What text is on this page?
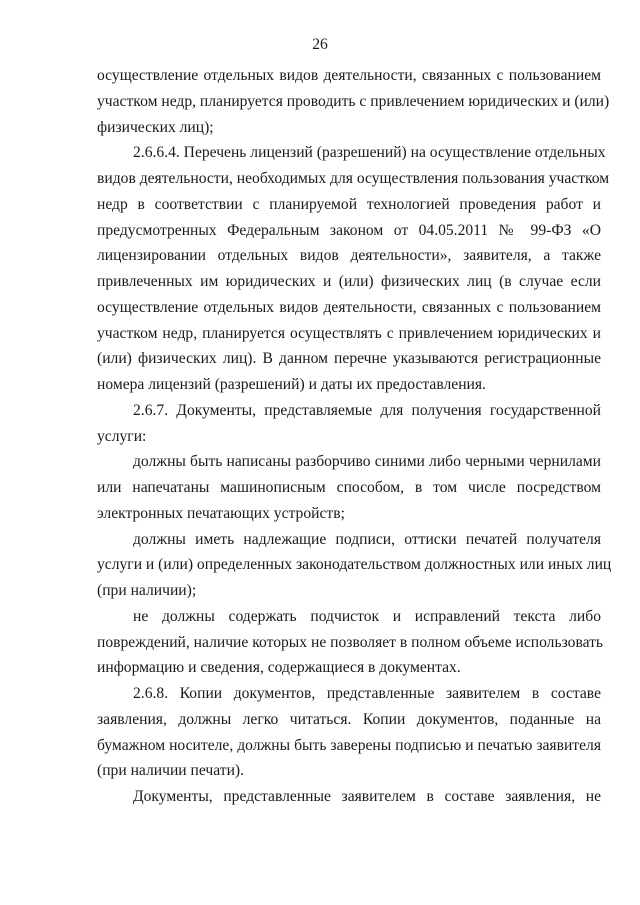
26
осуществление отдельных видов деятельности, связанных с пользованием
участком недр, планируется проводить с привлечением юридических и (или)
физических лиц);
2.6.6.4. Перечень лицензий (разрешений) на осуществление отдельных
видов деятельности, необходимых для осуществления пользования участком
недр в соответствии с планируемой технологией проведения работ и
предусмотренных Федеральным законом от 04.05.2011 № 99-ФЗ «О
лицензировании отдельных видов деятельности», заявителя, а также
привлеченных им юридических и (или) физических лиц (в случае если
осуществление отдельных видов деятельности, связанных с пользованием
участком недр, планируется осуществлять с привлечением юридических и
(или) физических лиц). В данном перечне указываются регистрационные
номера лицензий (разрешений) и даты их предоставления.
2.6.7. Документы, представляемые для получения государственной
услуги:
должны быть написаны разборчиво синими либо черными чернилами
или напечатаны машинописным способом, в том числе посредством
электронных печатающих устройств;
должны иметь надлежащие подписи, оттиски печатей получателя
услуги и (или) определенных законодательством должностных или иных лиц
(при наличии);
не должны содержать подчисток и исправлений текста либо
повреждений, наличие которых не позволяет в полном объеме использовать
информацию и сведения, содержащиеся в документах.
2.6.8. Копии документов, представленные заявителем в составе
заявления, должны легко читаться. Копии документов, поданные на
бумажном носителе, должны быть заверены подписью и печатью заявителя
(при наличии печати).
Документы, представленные заявителем в составе заявления, не
